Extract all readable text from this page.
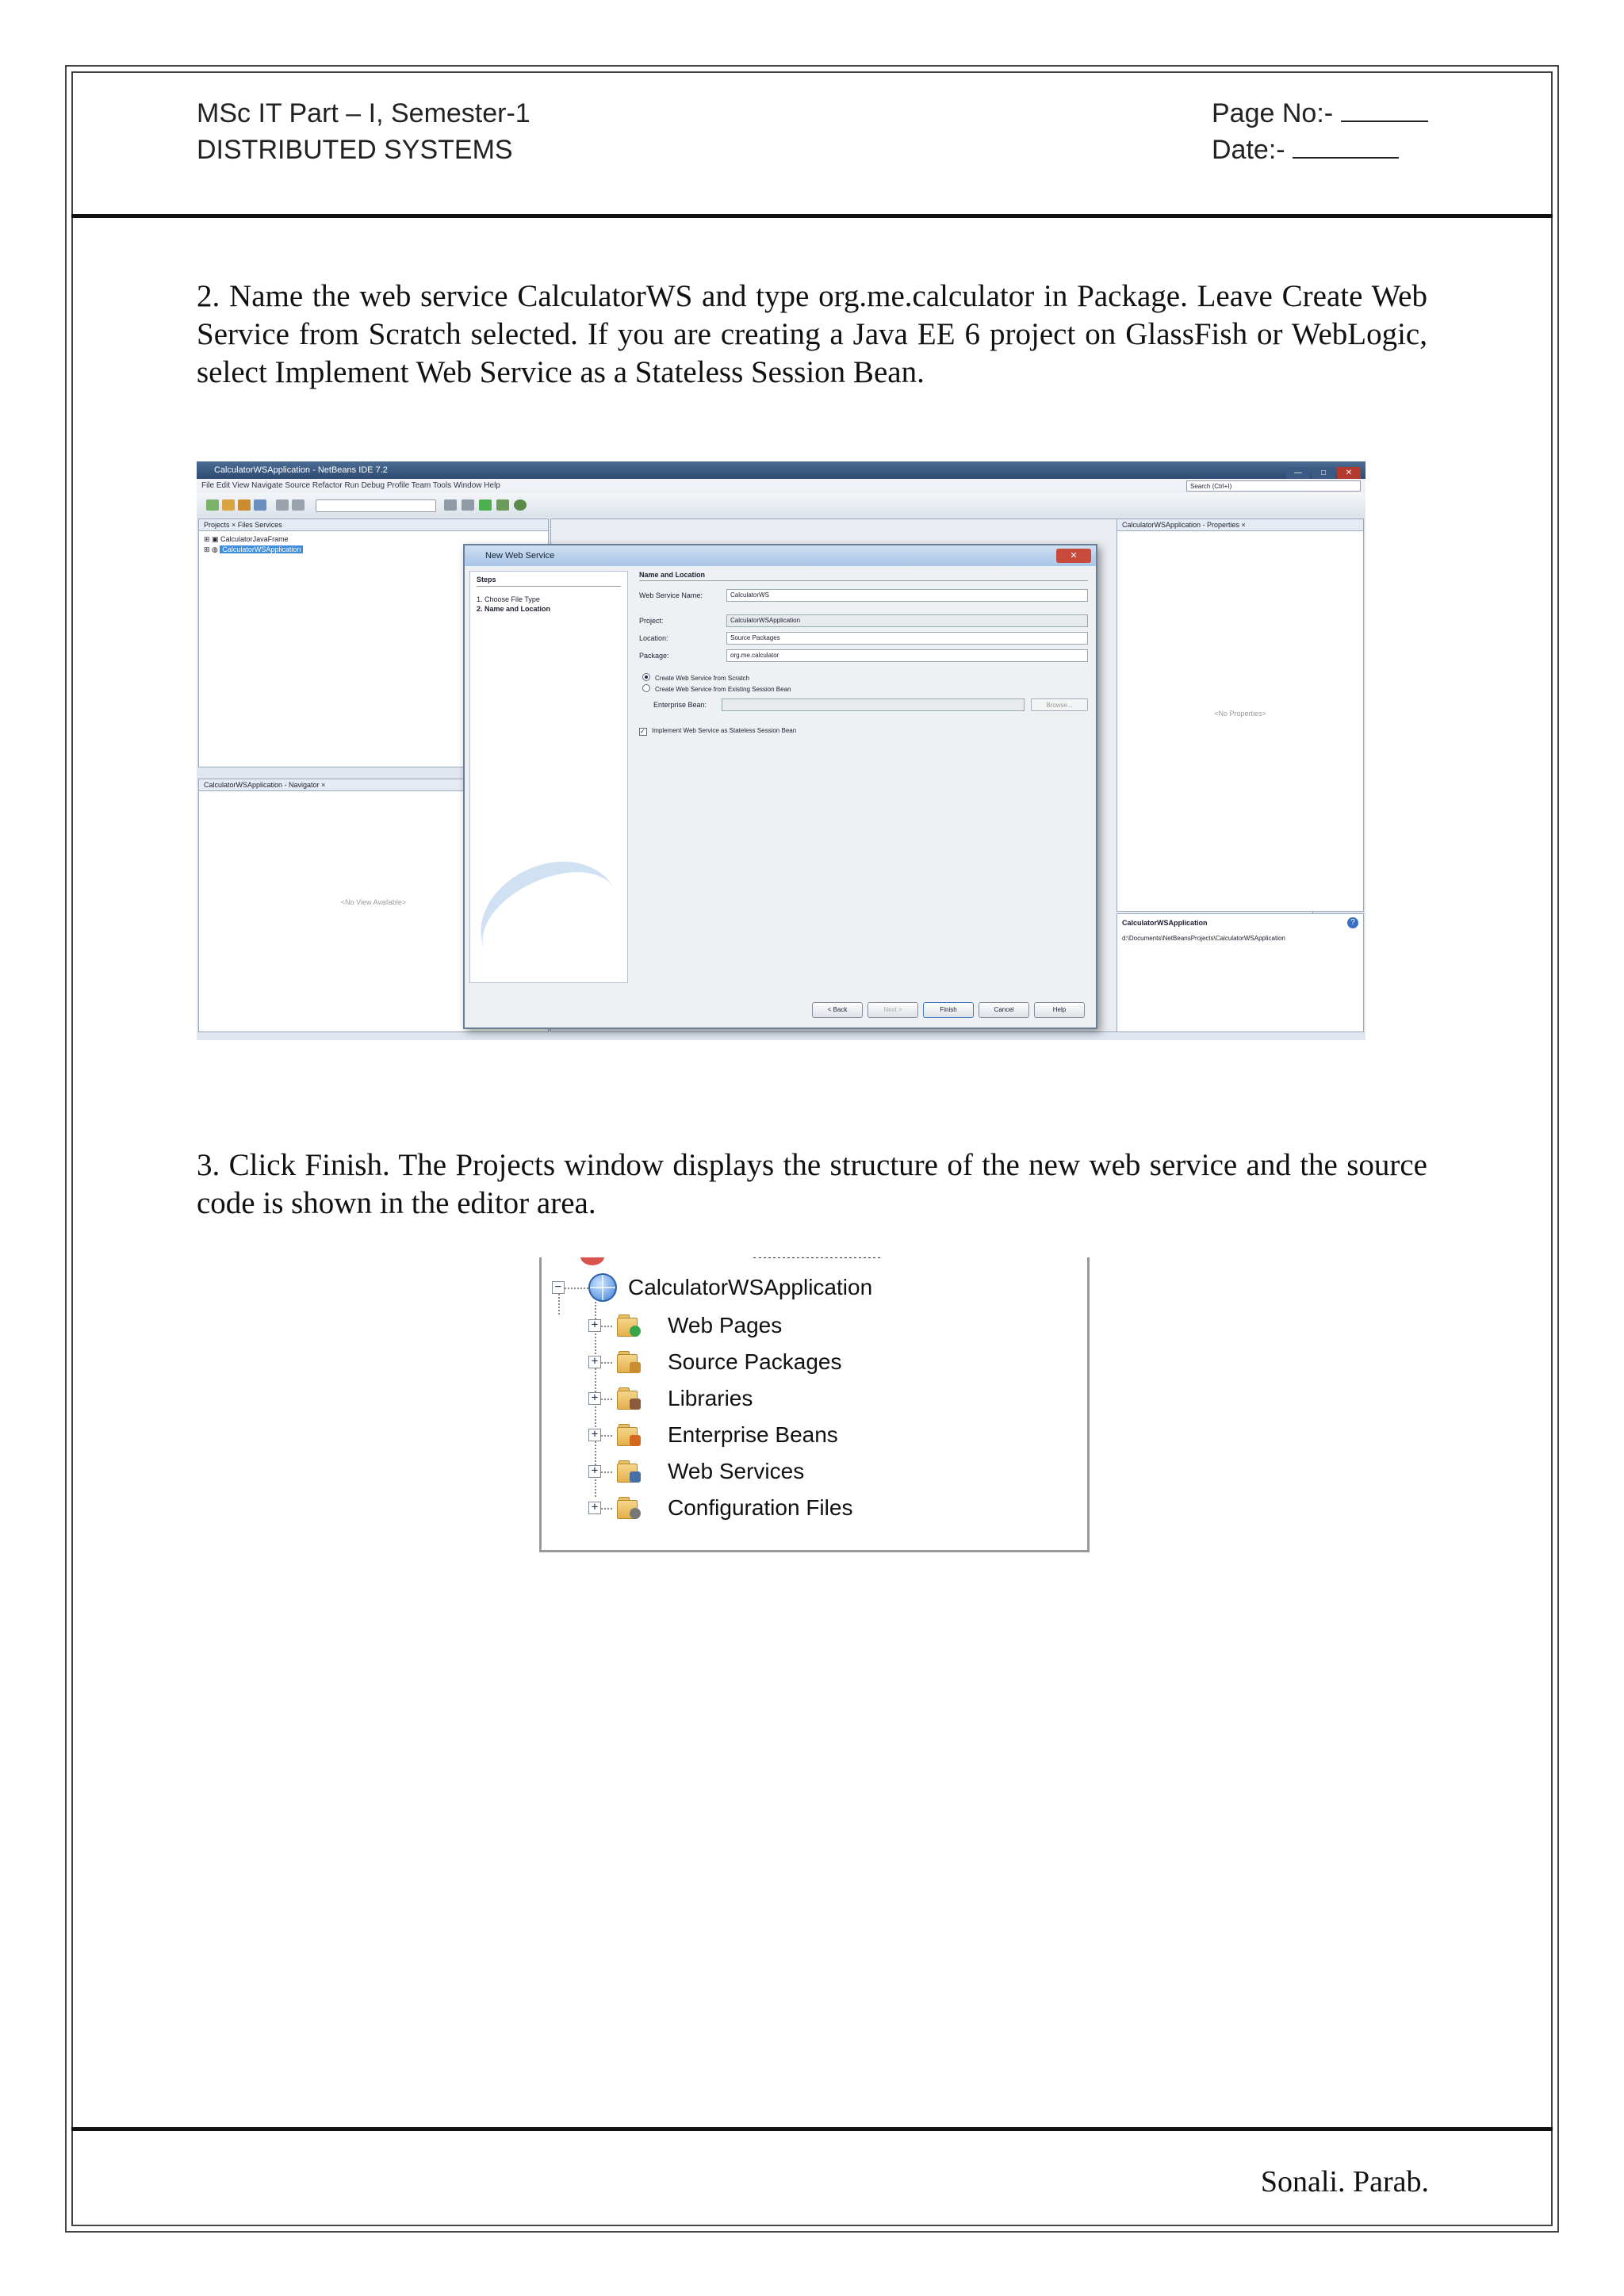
MSc IT Part – I, Semester-1
DISTRIBUTED SYSTEMS
Page No:-
Date:-
2. Name the web service CalculatorWS and type org.me.calculator in Package. Leave Create Web Service from Scratch selected. If you are creating a Java EE 6 project on GlassFish or WebLogic, select Implement Web Service as a Stateless Session Bean.
CalculatorWSApplication - NetBeans IDE 7.2	— □ ✕
File Edit View Navigate Source Refactor Run Debug Profile Team Tools Window Help	Search (Ctrl+I)
Projects × Files Services
⊞ ▣ CalculatorJavaFrame
⊞ ◍ CalculatorWSApplication
CalculatorWSApplication - Navigator ×
<No View Available>
CalculatorWSApplication - Properties ×
<No Properties>
CalculatorWSApplication	?
d:\Documents\NetBeansProjects\CalculatorWSApplication
New Web Service	✕
Steps
1. Choose File Type
2. Name and Location
Name and Location
Web Service Name:	CalculatorWS
Project:	CalculatorWSApplication
Location:	Source Packages
Package:	org.me.calculator
Create Web Service from Scratch
Create Web Service from Existing Session Bean
Enterprise Bean:	Browse...
✓ Implement Web Service as Stateless Session Bean
< Back	Next >	Finish	Cancel	Help
3. Click Finish. The Projects window displays the structure of the new web service and the source code is shown in the editor area.
−	CalculatorWSApplication
+	Web Pages
+	Source Packages
+	Libraries
+	Enterprise Beans
+	Web Services
+	Configuration Files
Sonali. Parab.
